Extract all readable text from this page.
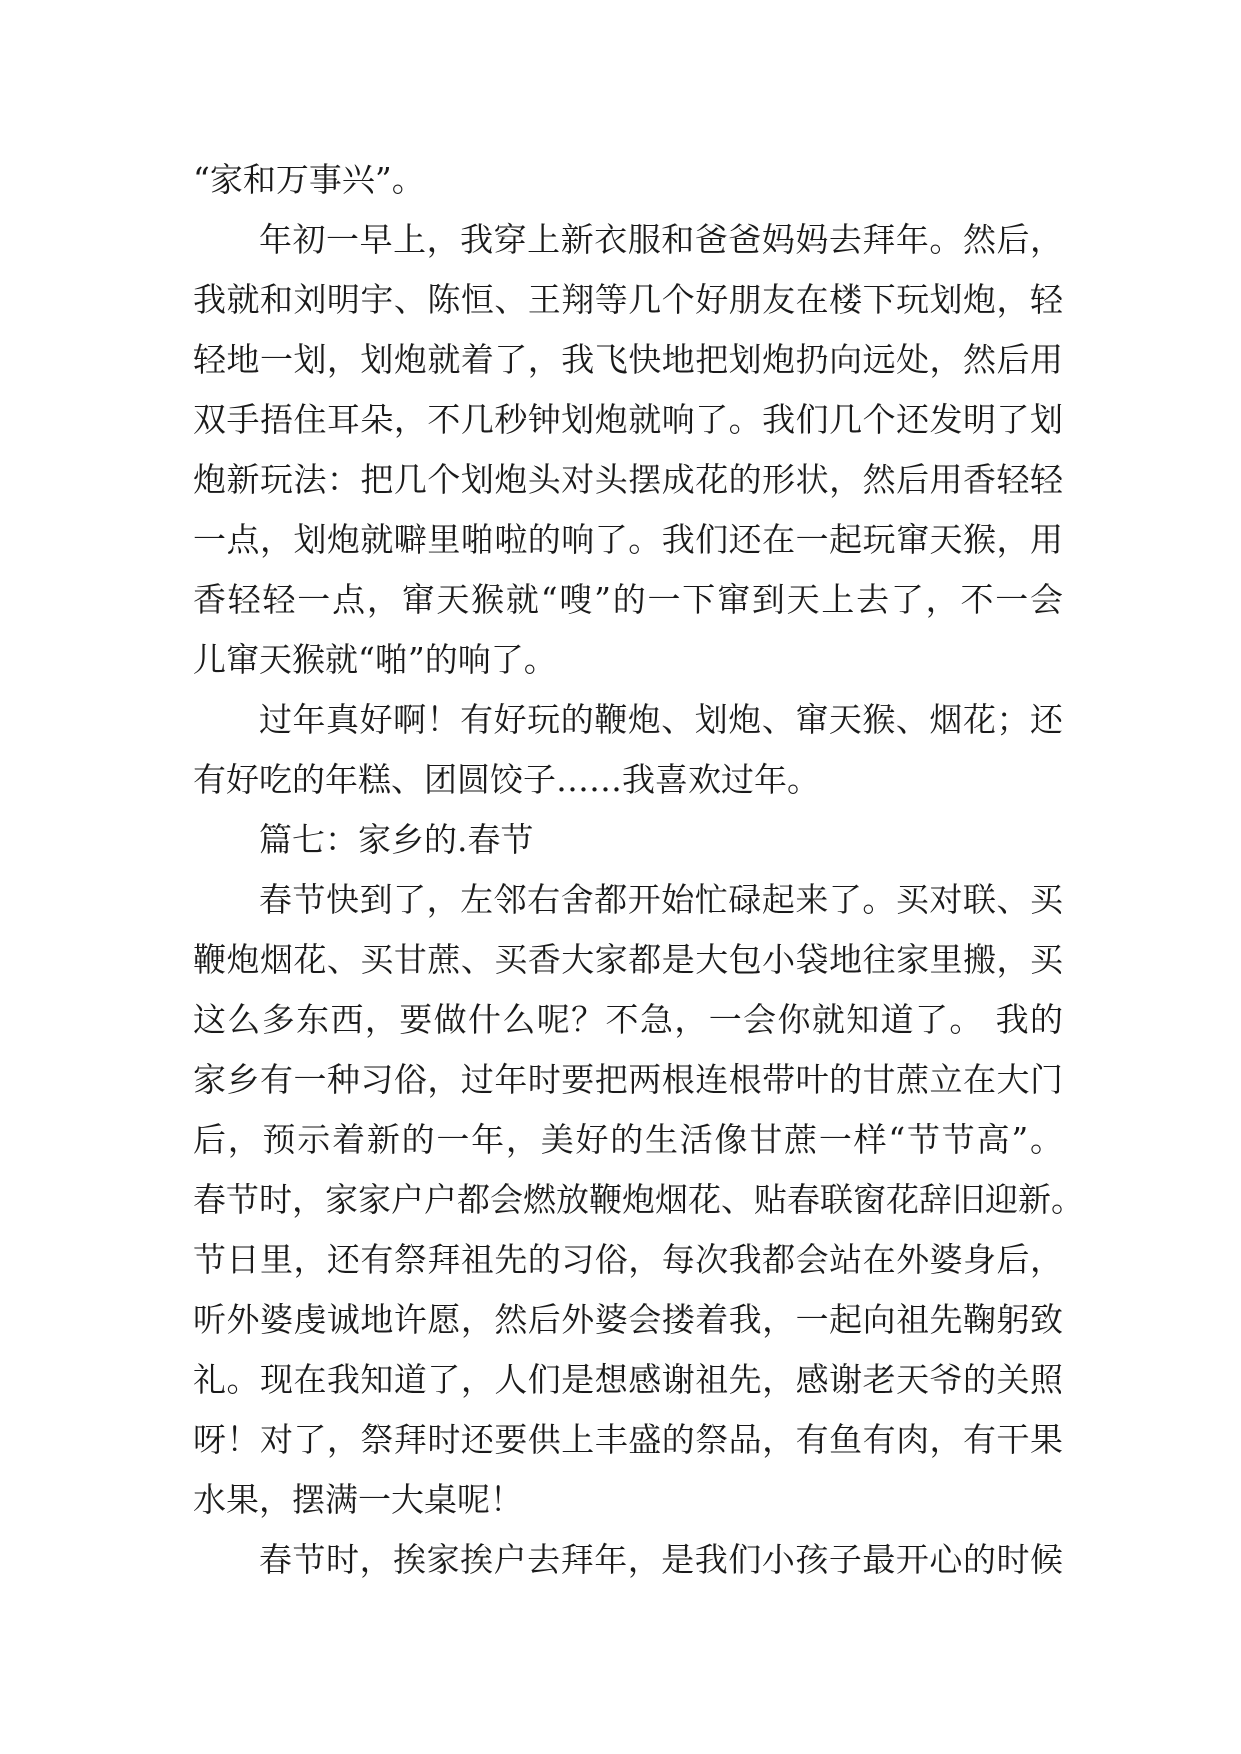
“家和万事兴”。
年初一早上，我穿上新衣服和爸爸妈妈去拜年。然后，
我就和刘明宇、陈恒、王翔等几个好朋友在楼下玩划炮，轻
轻地一划，划炮就着了，我飞快地把划炮扔向远处，然后用
双手捂住耳朵，不几秒钟划炮就响了。我们几个还发明了划
炮新玩法：把几个划炮头对头摆成花的形状，然后用香轻轻
一点，划炮就噼里啪啦的响了。我们还在一起玩窜天猴，用
香轻轻一点，窜天猴就“嗖”的一下窜到天上去了，不一会
儿窜天猴就“啪”的响了。
过年真好啊！有好玩的鞭炮、划炮、窜天猴、烟花；还
有好吃的年糕、团圆饺子……我喜欢过年。
篇七：家乡的.春节
春节快到了，左邻右舍都开始忙碌起来了。买对联、买
鞭炮烟花、买甘蔗、买香大家都是大包小袋地往家里搬，买
这么多东西，要做什么呢？不急，一会你就知道了。 我的
家乡有一种习俗，过年时要把两根连根带叶的甘蔗立在大门
后，预示着新的一年，美好的生活像甘蔗一样“节节高”。
春节时，家家户户都会燃放鞭炮烟花、贴春联窗花辞旧迎新。
节日里，还有祭拜祖先的习俗，每次我都会站在外婆身后，
听外婆虔诚地许愿，然后外婆会搂着我，一起向祖先鞠躬致
礼。现在我知道了，人们是想感谢祖先，感谢老天爷的关照
呀！对了，祭拜时还要供上丰盛的祭品，有鱼有肉，有干果
水果，摆满一大桌呢！
春节时，挨家挨户去拜年，是我们小孩子最开心的时候
